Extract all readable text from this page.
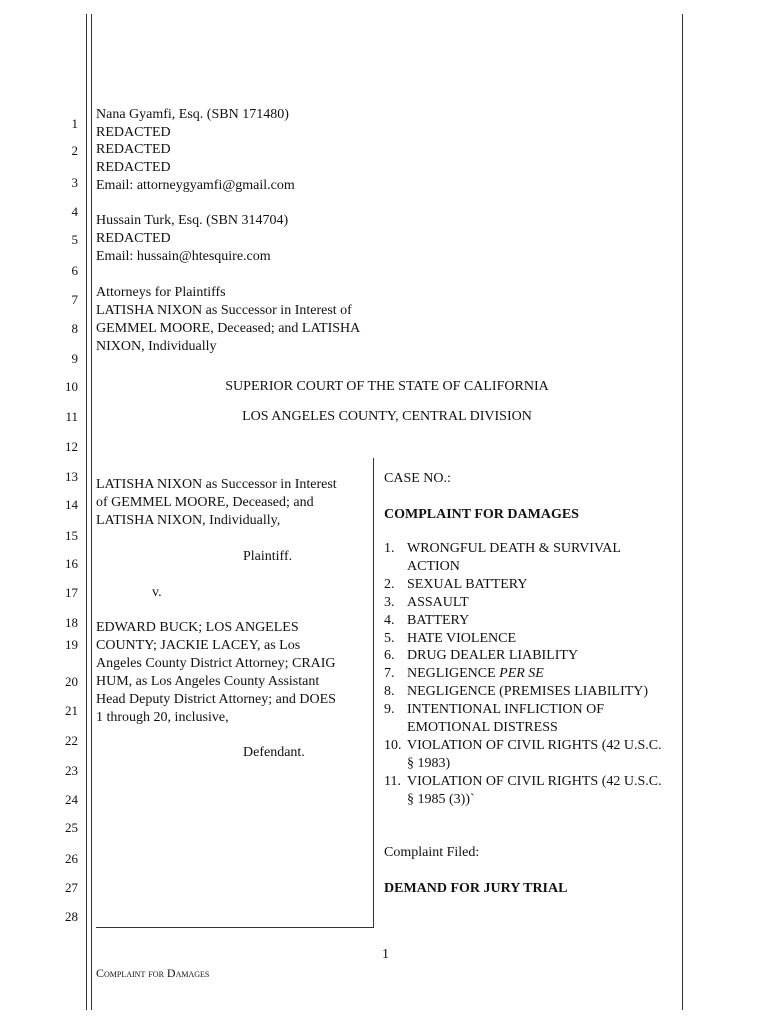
1
2
3
4
5
6
7
8
9
10
11
12
13
14
15
16
17
18
19
20
21
22
23
24
25
26
27
28
Nana Gyamfi, Esq. (SBN 171480)
REDACTED
REDACTED
REDACTED
Email: attorneygyamfi@gmail.com
Hussain Turk, Esq. (SBN 314704)
REDACTED
Email: hussain@htesquire.com
Attorneys for Plaintiffs
LATISHA NIXON as Successor in Interest of
GEMMEL MOORE, Deceased; and LATISHA
NIXON, Individually
SUPERIOR COURT OF THE STATE OF CALIFORNIA
LOS ANGELES COUNTY, CENTRAL DIVISION
LATISHA NIXON as Successor in Interest
of GEMMEL MOORE, Deceased; and
LATISHA NIXON, Individually,
Plaintiff.
v.
EDWARD BUCK; LOS ANGELES
COUNTY; JACKIE LACEY, as Los
Angeles County District Attorney; CRAIG
HUM, as Los Angeles County Assistant
Head Deputy District Attorney; and DOES
1 through 20, inclusive,
Defendant.
CASE NO.:
COMPLAINT FOR DAMAGES
1. WRONGFUL DEATH & SURVIVAL ACTION
2. SEXUAL BATTERY
3. ASSAULT
4. BATTERY
5. HATE VIOLENCE
6. DRUG DEALER LIABILITY
7. NEGLIGENCE PER SE
8. NEGLIGENCE (PREMISES LIABILITY)
9. INTENTIONAL INFLICTION OF EMOTIONAL DISTRESS
10. VIOLATION OF CIVIL RIGHTS (42 U.S.C. § 1983)
11. VIOLATION OF CIVIL RIGHTS (42 U.S.C. § 1985 (3))`
Complaint Filed:
DEMAND FOR JURY TRIAL
1
Complaint for Damages
